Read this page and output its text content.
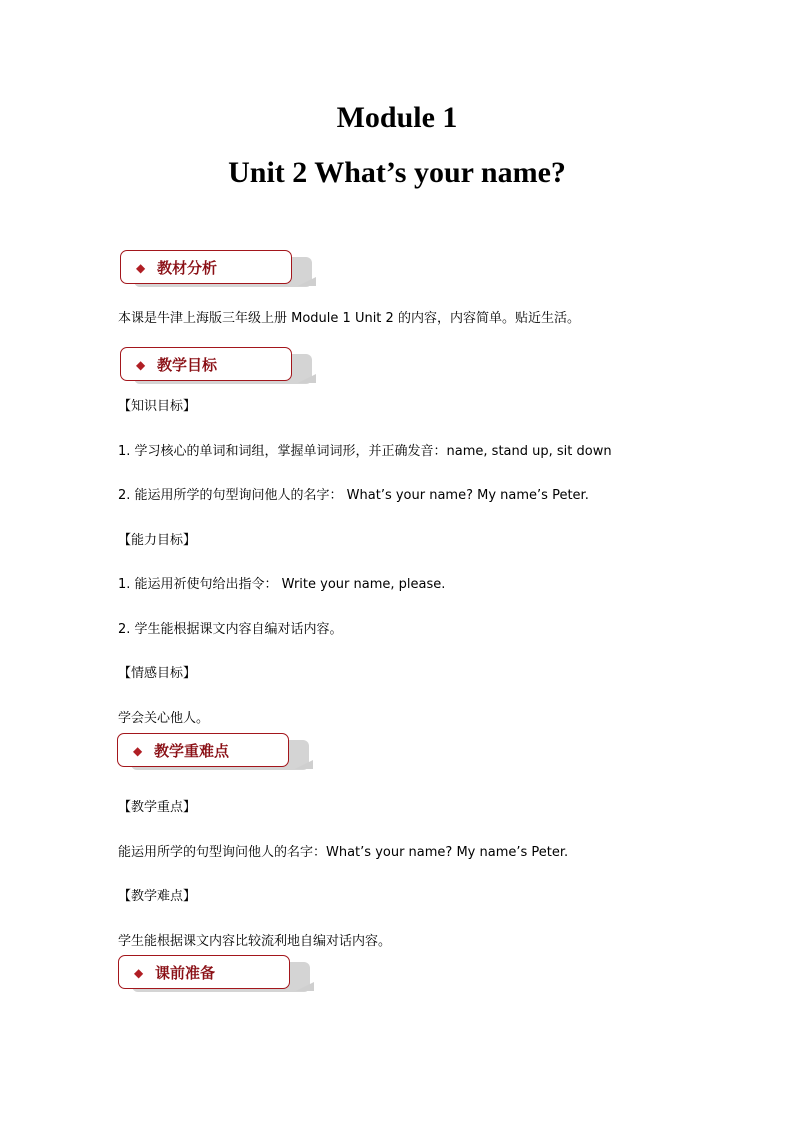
Module 1
Unit 2 What’s your name?
◆ 教材分析
本课是牛津上海版三年级上册 Module 1 Unit 2 的内容，内容简单。贴近生活。
◆ 教学目标
【知识目标】
1. 学习核心的单词和词组，掌握单词词形，并正确发音：name, stand up, sit down
2. 能运用所学的句型询问他人的名字： What’s your name? My name’s Peter.
【能力目标】
1. 能运用祈使句给出指令： Write your name, please.
2. 学生能根据课文内容自编对话内容。
【情感目标】
学会关心他人。
◆ 教学重难点
【教学重点】
能运用所学的句型询问他人的名字：What’s your name? My name’s Peter.
【教学难点】
学生能根据课文内容比较流利地自编对话内容。
◆ 课前准备
